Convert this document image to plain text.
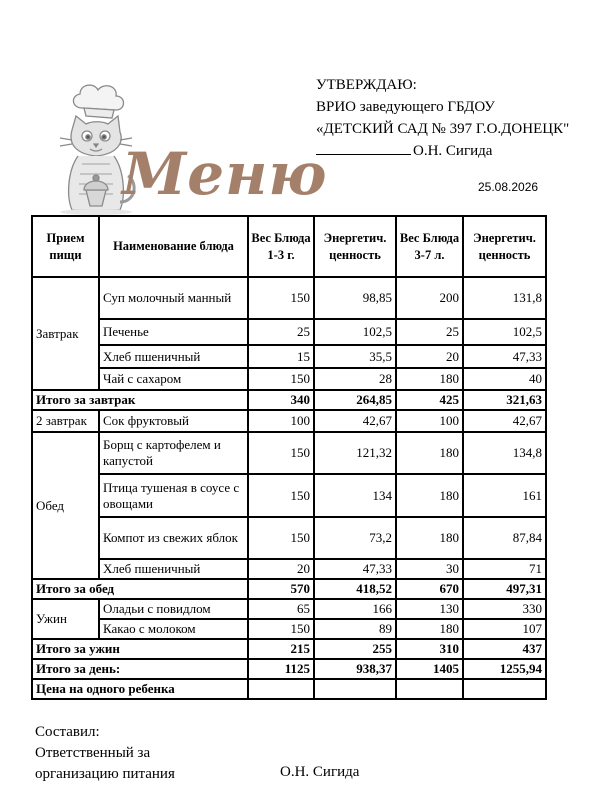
УТВЕРЖДАЮ:
ВРИО заведующего ГБДОУ
«ДЕТСКИЙ САД № 397 Г.О.ДОНЕЦК"
О.Н. Сигида
Меню	25.08.2026
Прием пищи	Наименование блюда	Вес Блюда 1-3 г.	Энергетич. ценность	Вес Блюда 3-7 л.	Энергетич. ценность
Завтрак	Суп молочный манный	150	98,85	200	131,8
	Печенье	25	102,5	25	102,5
	Хлеб пшеничный	15	35,5	20	47,33
	Чай с сахаром	150	28	180	40
Итого за завтрак		340	264,85	425	321,63
2 завтрак	Сок фруктовый	100	42,67	100	42,67
Обед	Борщ с картофелем и капустой	150	121,32	180	134,8
	Птица тушеная в соусе с овощами	150	134	180	161
	Компот из свежих яблок	150	73,2	180	87,84
	Хлеб пшеничный	20	47,33	30	71
Итого за обед		570	418,52	670	497,31
Ужин	Оладьи с повидлом	65	166	130	330
	Какао с молоком	150	89	180	107
Итого за ужин		215	255	310	437
Итого за день:		1125	938,37	1405	1255,94
Цена на одного ребенка					
Составил:
Ответственный за
организацию питания	О.Н. Сигида
